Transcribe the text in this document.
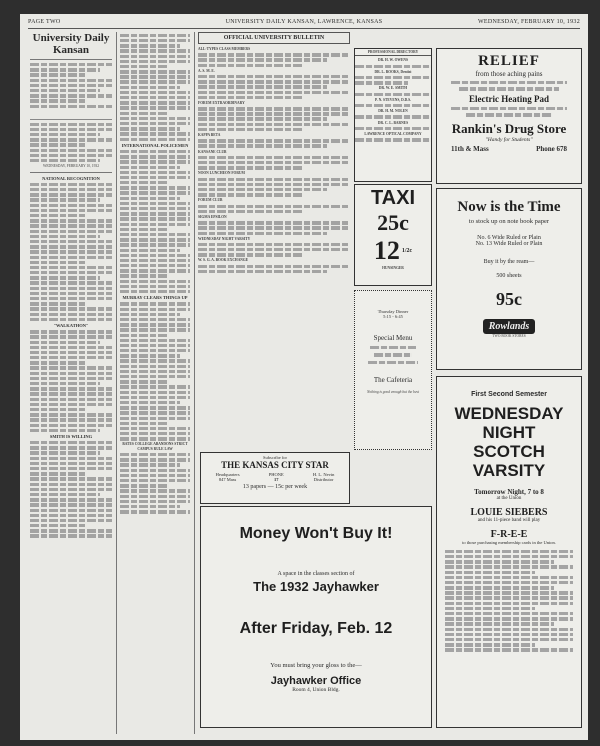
PAGE TWO	UNIVERSITY DAILY KANSAN, LAWRENCE, KANSAS	WEDNESDAY, FEBRUARY 10, 1932
University Daily Kansan
WEDNESDAY, FEBRUARY 10, 1932
NATIONAL RECOGNITION
"WALKATHON"
SMITH IS WILLING
INTERNATIONAL POLICEMEN
MURRAY CLEARS THINGS UP
BATES COLLEGE ABANDONS STRICT CAMPUS RULE LAW
OFFICIAL UNIVERSITY BULLETIN
ALL-TYPES CLASS MEMBERS
A. S. M. E.
FORUM EXTRAORDINARY
KAPPA BETA
KANSANE CLUB
NOON LUNCHEON FORUM
FORUM CLUB
SIGMA EPSILON
WEDNESDAY NIGHT VARSITY
W. S. G. A. BOOK EXCHANGE
Subscribe for
THE KANSAS CITY STAR
Headquarters
847 Mass
PHONE
17
H. L. Nevin
Distributor
13 papers — 15c per week
PROFESSIONAL DIRECTORY
DR. H. W. OWENS
DR. L. ROOKS, Dentist
DR. W. E. SMITH
P. N. STEVENS, D.D.S.
DR. H. M. NOLEN
DR. C. L. BARNES
LAWRENCE OPTICAL COMPANY
TAXI
25c
12 1/2c
HUNSINGER
Thursday Dinner
5:15 - 6:45
Special Menu
The Cafeteria
Nothing is good enough but the best
RELIEF
from those aching pains
Electric Heating Pad
Rankin's Drug Store
"Handy for Students"
11th & Mass	Phone 678
Now is the Time
to stock up on note book paper
No. 6 Wide Ruled or Plain
No. 13 Wide Ruled or Plain
Buy it by the ream—
500 sheets
95c
Rowlands
TWO BOOK STORES
First Second Semester
WEDNESDAY
NIGHT
SCOTCH
VARSITY
Tomorrow Night, 7 to 8
at the Union
LOUIE SIEBERS
and his 11-piece band will play
F-R-E-E
to those purchasing membership cards in the Union.
Money Won't Buy It!
A space in the classes section of
The 1932 Jayhawker
After Friday, Feb. 12
You must bring your gloss to the—
Jayhawker Office
Room 4, Union Bldg.
